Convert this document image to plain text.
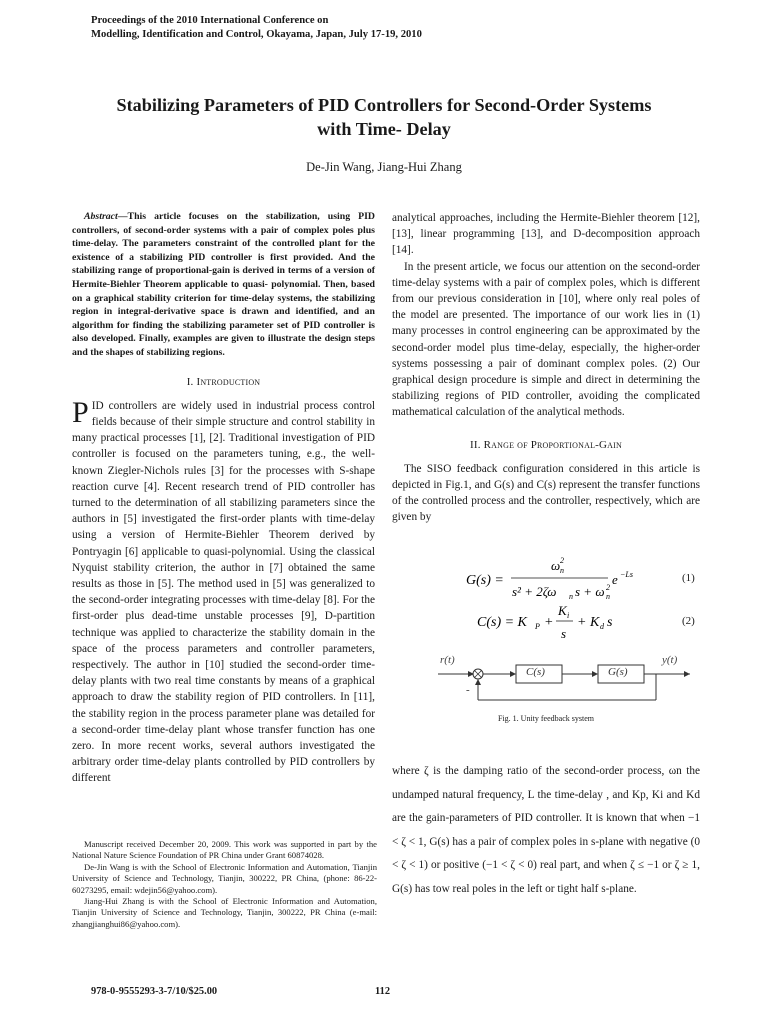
Proceedings of the 2010 International Conference on
Modelling, Identification and Control, Okayama, Japan, July 17-19, 2010
Stabilizing Parameters of PID Controllers for Second-Order Systems
with Time- Delay
De-Jin Wang, Jiang-Hui Zhang

Abstract—This article focuses on the stabilization, using PID controllers, of second-order systems with a pair of complex poles plus time-delay. The parameters constraint of the controlled plant for the existence of a stabilizing PID controller is first provided. And the stabilizing range of proportional-gain is derived in terms of a version of Hermite-Biehler Theorem applicable to quasi- polynomial. Then, based on a graphical stability criterion for time-delay systems, the stabilizing region in integral-derivative space is drawn and identified, and an algorithm for finding the stabilizing parameter set of PID controller is also developed. Finally, examples are given to illustrate the design steps and the shapes of stabilizing regions.

I. Introduction

PID controllers are widely used in industrial process control fields because of their simple structure and control stability in many practical processes [1], [2]. Traditional investigation of PID controller is focused on the parameters tuning, e.g., the well-known Ziegler-Nichols rules [3] for the processes with S-shape reaction curve [4]. Recent research trend of PID controller has turned to the determination of all stabilizing parameters since the authors in [5] investigated the first-order plants with time-delay using a version of Hermite-Biehler Theorem derived by Pontryagin [6] applicable to quasi-polynomial. Using the classical Nyquist stability criterion, the author in [7] obtained the same results as those in [5]. The method used in [5] was generalized to the second-order integrating processes with time-delay [8]. For the first-order plus dead-time unstable processes [9], D-partition technique was applied to characterize the stability domain in the space of the process parameters and controller parameters, respectively. The author in [10] studied the second-order time-delay plants with two real time constants by means of a graphical approach to draw the stability region of PID controllers. In [11], the stability region in the process parameter plane was detailed for a second-order time-delay plant whose transfer function has one zero. In more recent works, several authors investigated the arbitrary order time-delay plants controlled by PID controllers by different

analytical approaches, including the Hermite-Biehler theorem [12], [13], linear programming [13], and D-decomposition approach [14].

In the present article, we focus our attention on the second-order time-delay systems with a pair of complex poles, which is different from our previous consideration in [10], where only real poles of the model are presented. The importance of our work lies in (1) many processes in control engineering can be approximated by the second-order model plus time-delay, especially, the higher-order systems possessing a pair of dominant complex poles. (2) Our graphical design procedure is simple and direct in determining the stabilizing regions of PID controller, avoiding the complicated mathematical calculation of the analytical methods.

II. Range of Proportional-Gain

The SISO feedback configuration considered in this article is depicted in Fig.1, and G(s) and C(s) represent the transfer functions of the controlled process and the controller, respectively, which are given by

G(s) =
ω n
2
s² + 2ζω n s + ω n
2
e −Ls	(1)
C(s) = K P +
K i
s
+ K d s	(2)
r(t)	y(t)
C(s)	G(s)
-
Fig. 1. Unity feedback system

where ζ is the damping ratio of the second-order process, ωn the undamped natural frequency, L the time-delay , and Kp, Ki and Kd are the gain-parameters of PID controller. It is known that when −1 < ζ < 1, G(s) has a pair of complex poles in s-plane with negative (0 < ζ < 1) or positive (−1 < ζ < 0) real part, and when ζ ≤ −1 or ζ ≥ 1, G(s) has tow real poles in the left or tight half s-plane.

Manuscript received December 20, 2009. This work was supported in part by the National Nature Science Foundation of PR China under Grant 60874028.

De-Jin Wang is with the School of Electronic Information and Automation, Tianjin University of Science and Technology, Tianjin, 300222, PR China, (phone: 86-22-60273295, email: wdejin56@yahoo.com).

Jiang-Hui Zhang is with the School of Electronic Information and Automation, Tianjin University of Science and Technology, Tianjin, 300222, PR China (e-mail: zhangjianghui86@yahoo.com).

978-0-9555293-3-7/10/$25.00	112
